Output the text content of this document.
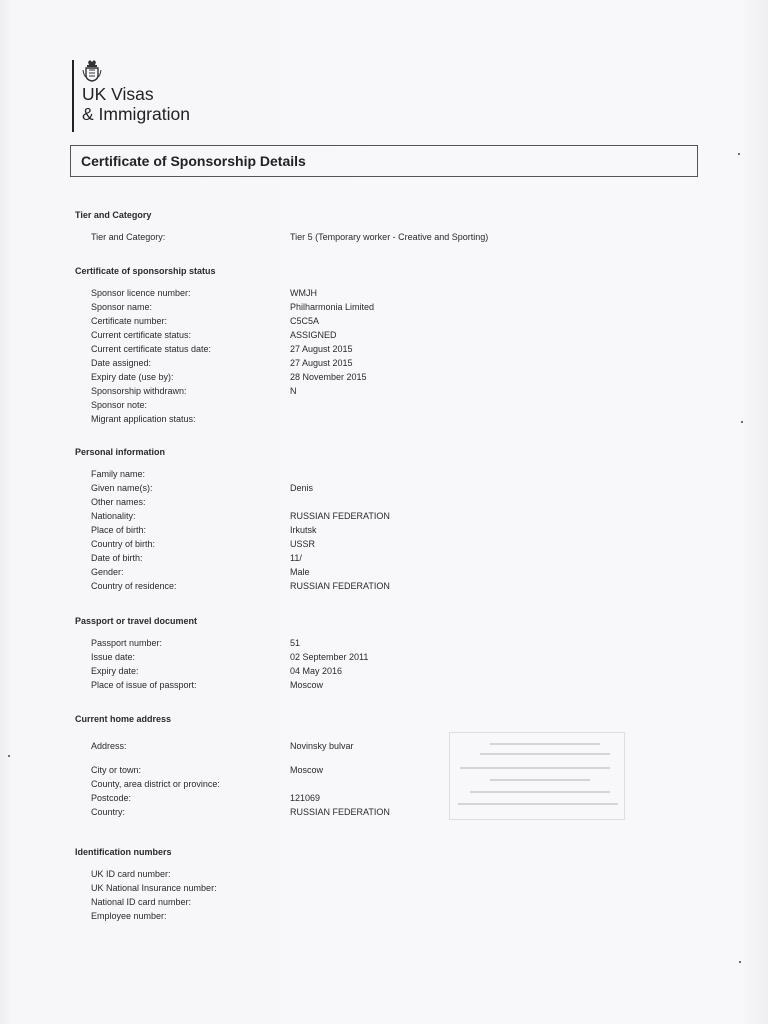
UK Visas
& Immigration
Certificate of Sponsorship Details
Tier and Category
Tier and Category:	Tier 5 (Temporary worker - Creative and Sporting)
Certificate of sponsorship status
Sponsor licence number:	WMJH
Sponsor name:	Philharmonia Limited
Certificate number:	C5C5A
Current certificate status:	ASSIGNED
Current certificate status date:	27 August 2015
Date assigned:	27 August 2015
Expiry date (use by):	28 November 2015
Sponsorship withdrawn:	N
Sponsor note:
Migrant application status:
Personal information
Family name:
Given name(s):	Denis
Other names:
Nationality:	RUSSIAN FEDERATION
Place of birth:	Irkutsk
Country of birth:	USSR
Date of birth:	11/
Gender:	Male
Country of residence:	RUSSIAN FEDERATION
Passport or travel document
Passport number:	51
Issue date:	02 September 2011
Expiry date:	04 May 2016
Place of issue of passport:	Moscow
Current home address
Address:	Novinsky bulvar
City or town:	Moscow
County, area district or province:
Postcode:	121069
Country:	RUSSIAN FEDERATION
Identification numbers
UK ID card number:
UK National Insurance number:
National ID card number:
Employee number:
